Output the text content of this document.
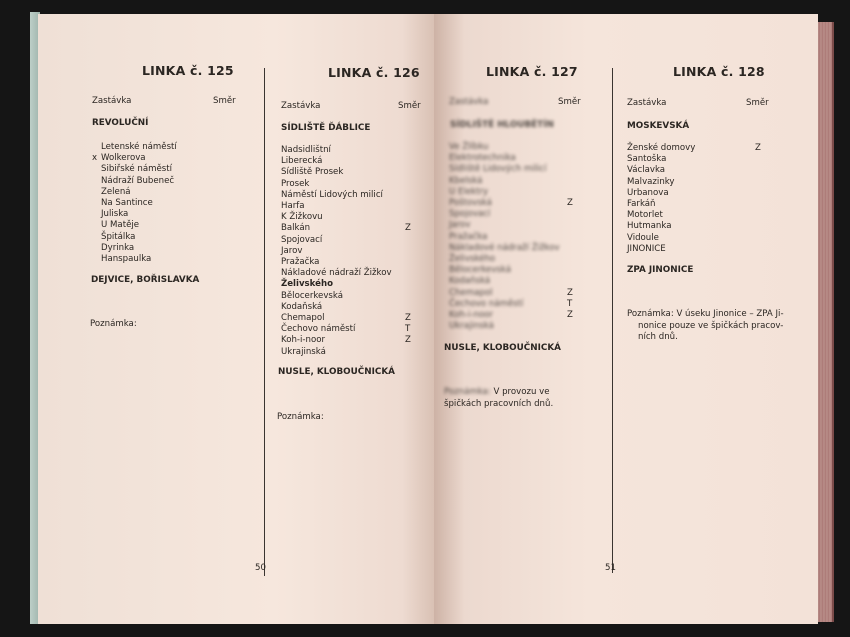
LINKA č. 125
Zastávka	Směr
REVOLUČNÍ
Letenské náměstí
x Wolkerova
Sibiřské náměstí
Nádraží Bubeneč
Zelená
Na Santince
Juliska
U Matěje
Špitálka
Dyrinka
Hanspaulka
DEJVICE, BOŘISLAVKA
Poznámka:
LINKA č. 126
Zastávka	Směr
SÍDLIŠTĚ ĎÁBLICE
Nadsidlištní
Liberecká
Sídliště Prosek
Prosek
Náměstí Lidových milicí
Harfa
K Žižkovu
Balkán	Z
Spojovací
Jarov
Pražačka
Nákladové nádraží Žižkov
Želivského
Bělocerkevská
Kodaňská
Chemapol	Z
Čechovo náměstí	T
Koh-i-noor	Z
Ukrajinská
NUSLE, KLOBOUČNICKÁ
Poznámka:
50
LINKA č. 127
Zastávka	Směr
SÍDLIŠTĚ HLOUBĚTÍN
Ve Žlíbku
Elektrotechnika
Sídliště Lidových milicí
Kbelská
U Elektry
Poštovská	Z
Spojovací
Jarov
Pražačka
Nákladové nádraží Žižkov
Želivského
Bělocerkevská
Kodaňská
Chemapol	Z
Čechovo náměstí	T
Koh-i-noor	Z
Ukrajinská
NUSLE, KLOBOUČNICKÁ
Poznámka: V provozu ve špičkách pracovních dnů.
LINKA č. 128
Zastávka	Směr
MOSKEVSKÁ
Ženské domovy	Z
Santoška
Václavka
Malvazinky
Urbanova
Farkáň
Motorlet
Hutmanka
Vidoule
JINONICE
ZPA JINONICE
Poznámka: V úseku Jinonice – ZPA Ji-
nonice pouze ve špičkách pracov-
ních dnů.
51
